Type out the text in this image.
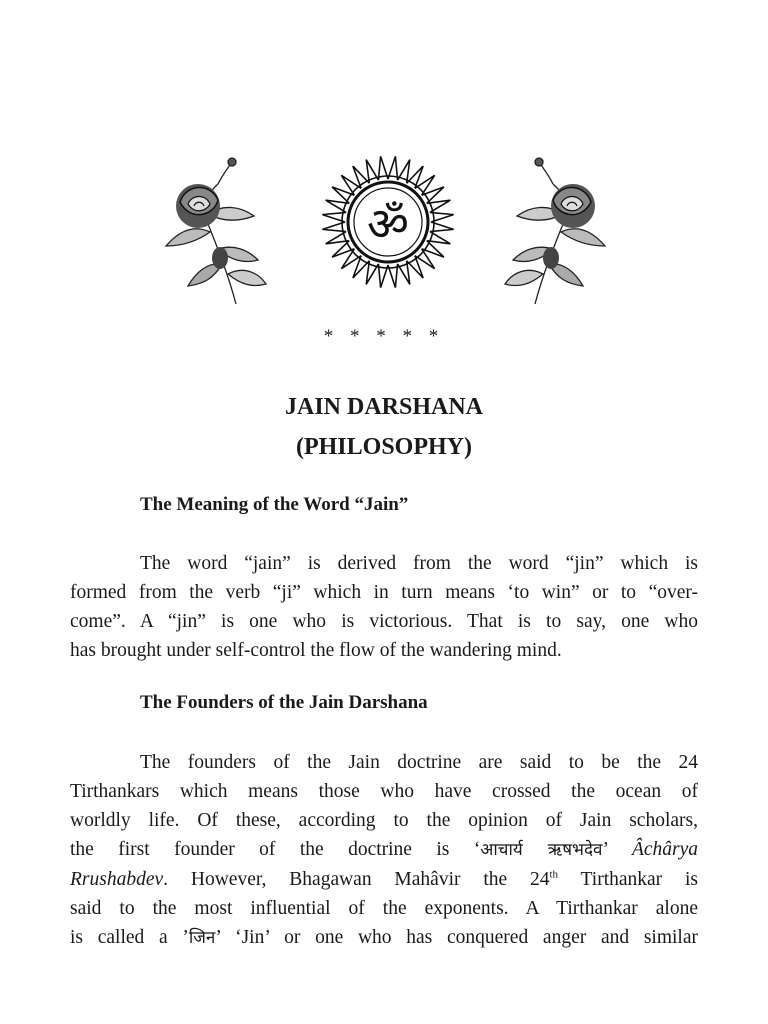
ॐ
* * * * *
JAIN DARSHANA
(PHILOSOPHY)
The Meaning of the Word “Jain”
The word “jain” is derived from the word “jin” which is
formed from the verb “ji” which in turn means ‘to win” or to “over-
come”. A “jin” is one who is victorious. That is to say, one who
has brought under self-control the flow of the wandering mind.
The Founders of the Jain Darshana
The founders of the Jain doctrine are said to be the 24
Tirthankars which means those who have crossed the ocean of
worldly life. Of these, according to the opinion of Jain scholars,
the first founder of the doctrine is ‘आचार्य ऋषभदेव’ Âchârya
Rrushabdev. However, Bhagawan Mahâvir the 24th Tirthankar is
said to the most influential of the exponents. A Tirthankar alone
is called a ’जिन’ ‘Jin’ or one who has conquered anger and similar
